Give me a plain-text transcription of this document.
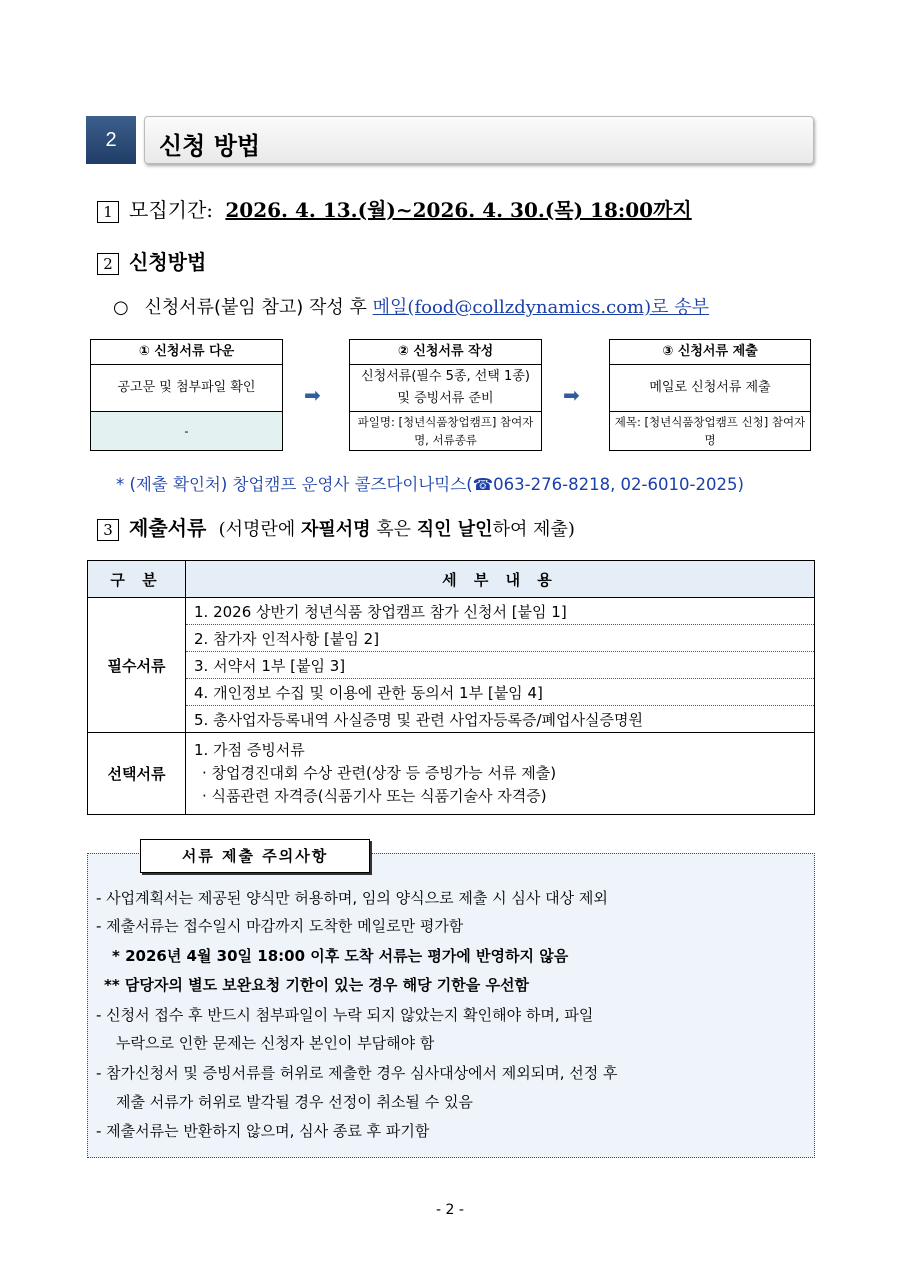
2	신청 방법
1 모집기간: 2026. 4. 13.(월)~2026. 4. 30.(목) 18:00까지
2 신청방법
○ 신청서류(붙임 참고) 작성 후 메일(food@collzdynamics.com)로 송부
① 신청서류 다운
공고문 및 첨부파일 확인
-
➡
② 신청서류 작성
신청서류(필수 5종, 선택 1종) 및 증빙서류 준비
파일명: [청년식품창업캠프] 참여자명, 서류종류
➡
③ 신청서류 제출
메일로 신청서류 제출
제목: [청년식품창업캠프 신청] 참여자명
* (제출 확인처) 창업캠프 운영사 콜즈다이나믹스(☎063-276-8218, 02-6010-2025)
3 제출서류 (서명란에 자필서명 혹은 직인 날인하여 제출)
구 분	세 부 내 용
필수서류	1. 2026 상반기 청년식품 창업캠프 참가 신청서 [붙임 1]
	2. 참가자 인적사항 [붙임 2]
	3. 서약서 1부 [붙임 3]
	4. 개인정보 수집 및 이용에 관한 동의서 1부 [붙임 4]
	5. 총사업자등록내역 사실증명 및 관련 사업자등록증/폐업사실증명원
선택서류	1. 가점 증빙서류
· 창업경진대회 수상 관련(상장 등 증빙가능 서류 제출)
· 식품관련 자격증(식품기사 또는 식품기술사 자격증)
서류 제출 주의사항
- 사업계획서는 제공된 양식만 허용하며, 임의 양식으로 제출 시 심사 대상 제외
- 제출서류는 접수일시 마감까지 도착한 메일로만 평가함
* 2026년 4월 30일 18:00 이후 도착 서류는 평가에 반영하지 않음
** 담당자의 별도 보완요청 기한이 있는 경우 해당 기한을 우선함
- 신청서 접수 후 반드시 첨부파일이 누락 되지 않았는지 확인해야 하며, 파일
누락으로 인한 문제는 신청자 본인이 부담해야 함
- 참가신청서 및 증빙서류를 허위로 제출한 경우 심사대상에서 제외되며, 선정 후
제출 서류가 허위로 발각될 경우 선정이 취소될 수 있음
- 제출서류는 반환하지 않으며, 심사 종료 후 파기함
- 2 -
